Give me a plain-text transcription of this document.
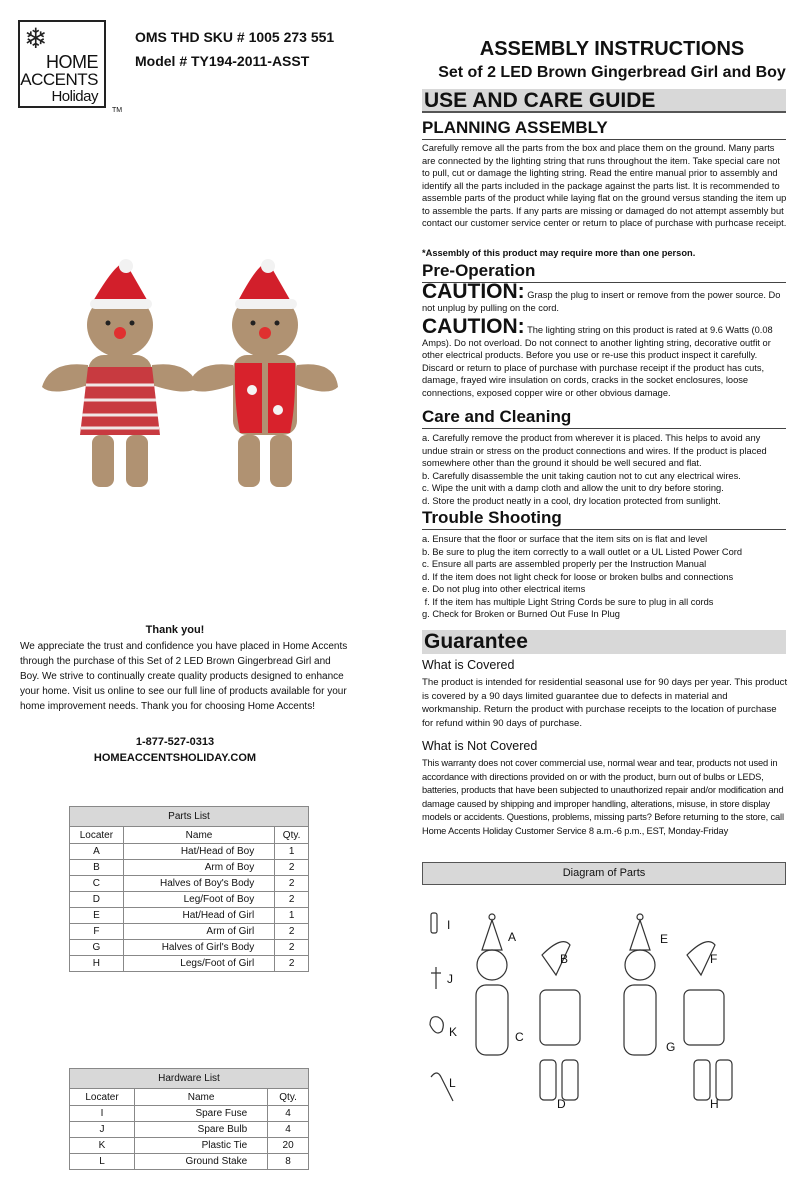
❄
HOME
ACCENTS
Holiday
TM
OMS THD SKU # 1005 273 551
Model # TY194-2011-ASST
ASSEMBLY INSTRUCTIONS
Set of 2 LED Brown Gingerbread Girl and Boy
USE AND CARE GUIDE
PLANNING ASSEMBLY
Carefully remove all the parts from the box and place them on the ground. Many parts are connected by the lighting string that runs throughout the item. Take special care not to pull, cut or damage the lighting string. Read the entire manual prior to assembly and identify all the parts included in the package against the parts list. It is recommended to assemble parts of the product while laying flat on the ground versus standing the item up to assemble the parts. If any parts are missing or damaged do not attempt assembly but contact our customer service center or return to place of purchase with purhcase receipt.
*Assembly of this product may require more than one person.
Pre-Operation
CAUTION: Grasp the plug to insert or remove from the power source. Do not unplug by pulling on the cord.
CAUTION: The lighting string on this product is rated at 9.6 Watts (0.08 Amps). Do not overload. Do not connect to another lighting string, decorative outfit or other electrical products. Before you use or re-use this product inspect it carefully. Discard or return to place of purchase with purchase receipt if the product has cuts, damage, frayed wire insulation on cords, cracks in the socket enclosures, loose connections, exposed copper wire or other obvious damage.
Care and Cleaning
a. Carefully remove the product from wherever it is placed. This helps to avoid any undue strain or stress on the product connections and wires. If the product is placed somewhere other than the ground it should be well secured and flat.
b. Carefully disassemble the unit taking caution not to cut any electrical wires.
c. Wipe the unit with a damp cloth and allow the unit to dry before storing.
d. Store the product neatly in a cool, dry location protected from sunlight.
Trouble Shooting
a. Ensure that the floor or surface that the item sits on is flat and level
b. Be sure to plug the item correctly to a wall outlet or a UL Listed Power Cord
c. Ensure all parts are assembled properly per the Instruction Manual
d. If the item does not light check for loose or broken bulbs and connections
e. Do not plug into other electrical items
f. If the item has multiple Light String Cords be sure to plug in all cords
g. Check for Broken or Burned Out Fuse In Plug
Guarantee
What is Covered
The product is intended for residential seasonal use for 90 days per year. This product is covered by a 90 days limited guarantee due to defects in material and workmanship. Return the product with purchase receipts to the location of purchase for refund within 90 days of purchase.
What is Not Covered
This warranty does not cover commercial use, normal wear and tear, products not used in accordance with directions provided on or with the product, burn out of bulbs or LEDS, batteries, products that have been subjected to unauthorized repair and/or modification and damage caused by shipping and improper handling, alterations, misuse, in store display models or accidents. Questions, problems, missing parts? Before returning to the store, call Home Accents Holiday Customer Service 8 a.m.-6 p.m., EST, Monday-Friday
Thank you!
We appreciate the trust and confidence you have placed in Home Accents through the purchase of this Set of 2 LED Brown Gingerbread Girl and Boy. We strive to continually create quality products designed to enhance your home. Visit us online to see our full line of products available for your home improvement needs. Thank you for choosing Home Accents!
1-877-527-0313
HOMEACCENTSHOLIDAY.COM
Parts List		
Locater	Name	Qty.
A	Hat/Head of Boy	1
B	Arm of Boy	2
C	Halves of Boy's Body	2
D	Leg/Foot of Boy	2
E	Hat/Head of Girl	1
F	Arm of Girl	2
G	Halves of Girl's Body	2
H	Legs/Foot of Girl	2
Hardware List		
Locater	Name	Qty.
I	Spare Fuse	4
J	Spare Bulb	4
K	Plastic Tie	20
L	Ground Stake	8
Diagram of Parts
I
J
K
L
A
B
C
D
E
F
G
H
